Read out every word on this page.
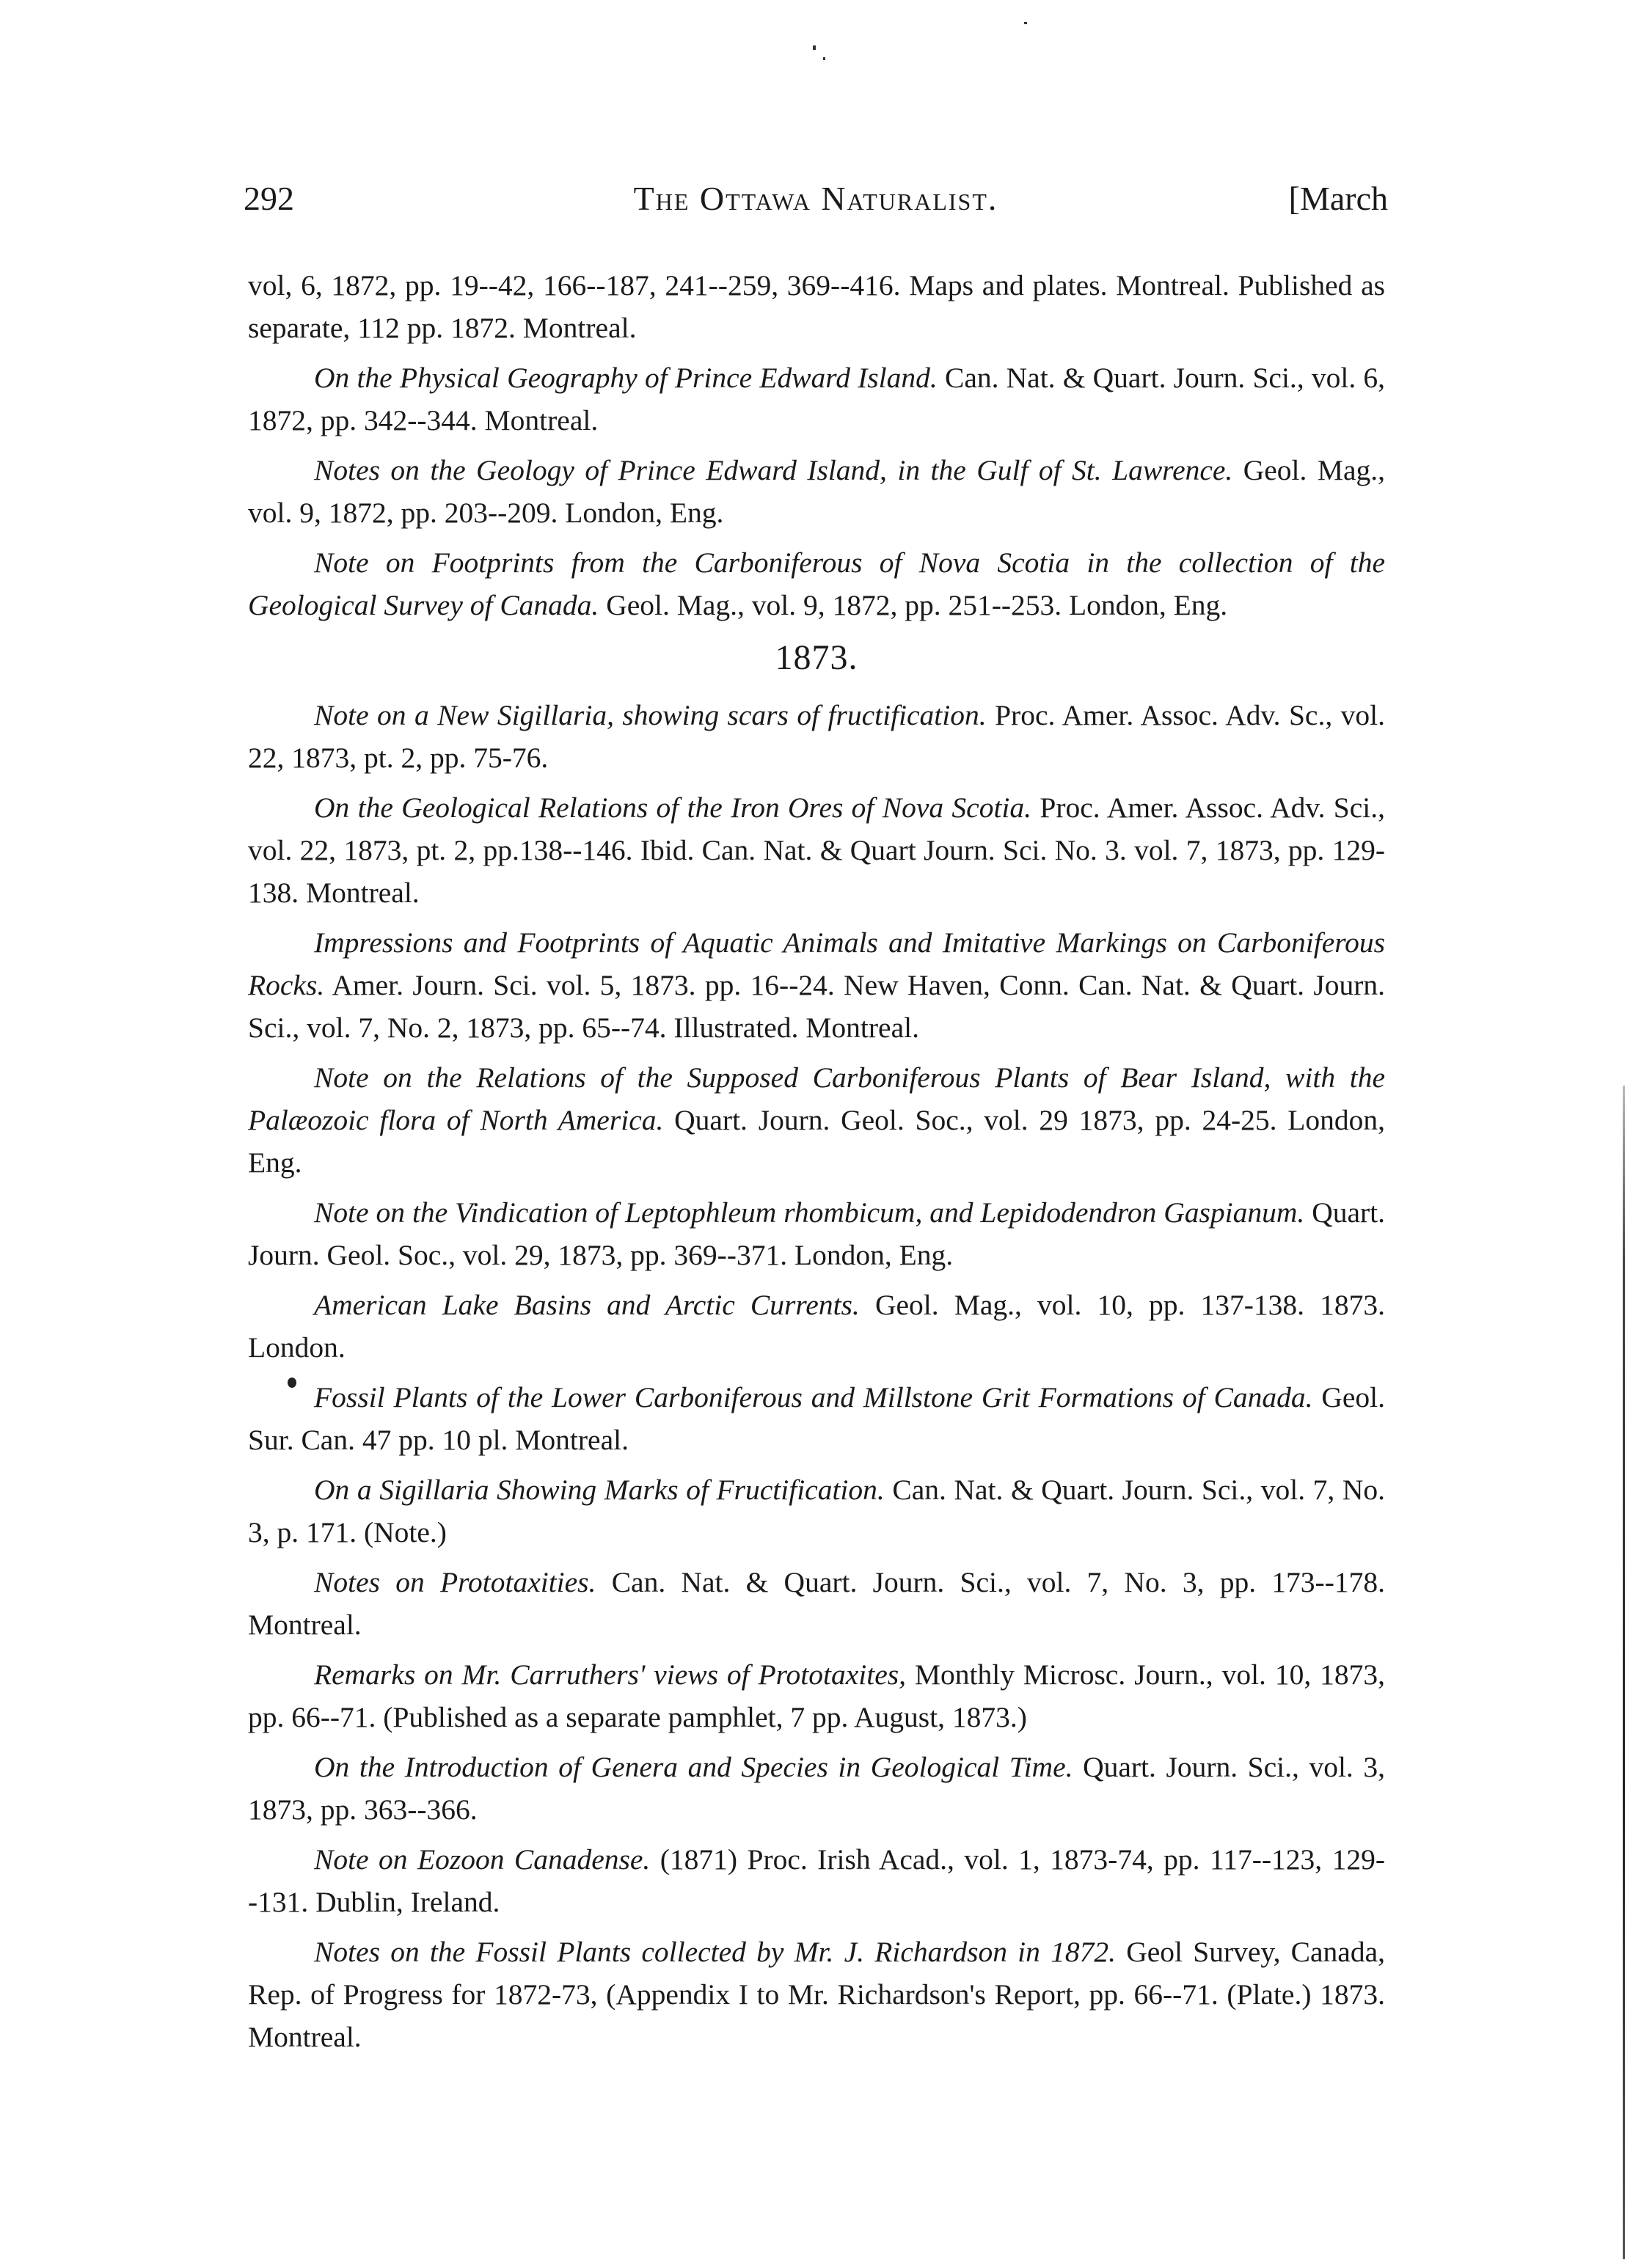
292	The Ottawa Naturalist.	[March

vol, 6, 1872, pp. 19--42, 166--187, 241--259, 369--416. Maps and plates. Montreal. Published as separate, 112 pp. 1872. Montreal.

On the Physical Geography of Prince Edward Island. Can. Nat. & Quart. Journ. Sci., vol. 6, 1872, pp. 342--344. Montreal.

Notes on the Geology of Prince Edward Island, in the Gulf of St. Lawrence. Geol. Mag., vol. 9, 1872, pp. 203--209. London, Eng.

Note on Footprints from the Carboniferous of Nova Scotia in the collection of the Geological Survey of Canada. Geol. Mag., vol. 9, 1872, pp. 251--253. London, Eng.

1873.

Note on a New Sigillaria, showing scars of fructification. Proc. Amer. Assoc. Adv. Sc., vol. 22, 1873, pt. 2, pp. 75-76.

On the Geological Relations of the Iron Ores of Nova Scotia. Proc. Amer. Assoc. Adv. Sci., vol. 22, 1873, pt. 2, pp.138--146. Ibid. Can. Nat. & Quart Journ. Sci. No. 3. vol. 7, 1873, pp. 129-138. Montreal.

Impressions and Footprints of Aquatic Animals and Imitative Markings on Carboniferous Rocks. Amer. Journ. Sci. vol. 5, 1873. pp. 16--24. New Haven, Conn. Can. Nat. & Quart. Journ. Sci., vol. 7, No. 2, 1873, pp. 65--74. Illustrated. Montreal.

Note on the Relations of the Supposed Carboniferous Plants of Bear Island, with the Palæozoic flora of North America. Quart. Journ. Geol. Soc., vol. 29 1873, pp. 24-25. London, Eng.

Note on the Vindication of Leptophleum rhombicum, and Lepidodendron Gaspianum. Quart. Journ. Geol. Soc., vol. 29, 1873, pp. 369--371. London, Eng.

American Lake Basins and Arctic Currents. Geol. Mag., vol. 10, pp. 137-138. 1873. London.

Fossil Plants of the Lower Carboniferous and Millstone Grit Formations of Canada. Geol. Sur. Can. 47 pp. 10 pl. Montreal.

On a Sigillaria Showing Marks of Fructification. Can. Nat. & Quart. Journ. Sci., vol. 7, No. 3, p. 171. (Note.)

Notes on Prototaxities. Can. Nat. & Quart. Journ. Sci., vol. 7, No. 3, pp. 173--178. Montreal.

Remarks on Mr. Carruthers' views of Prototaxites, Monthly Microsc. Journ., vol. 10, 1873, pp. 66--71. (Published as a separate pamphlet, 7 pp. August, 1873.)

On the Introduction of Genera and Species in Geological Time. Quart. Journ. Sci., vol. 3, 1873, pp. 363--366.

Note on Eozoon Canadense. (1871) Proc. Irish Acad., vol. 1, 1873-74, pp. 117--123, 129--131. Dublin, Ireland.

Notes on the Fossil Plants collected by Mr. J. Richardson in 1872. Geol Survey, Canada, Rep. of Progress for 1872-73, (Appendix I to Mr. Richardson's Report, pp. 66--71. (Plate.) 1873. Montreal.
